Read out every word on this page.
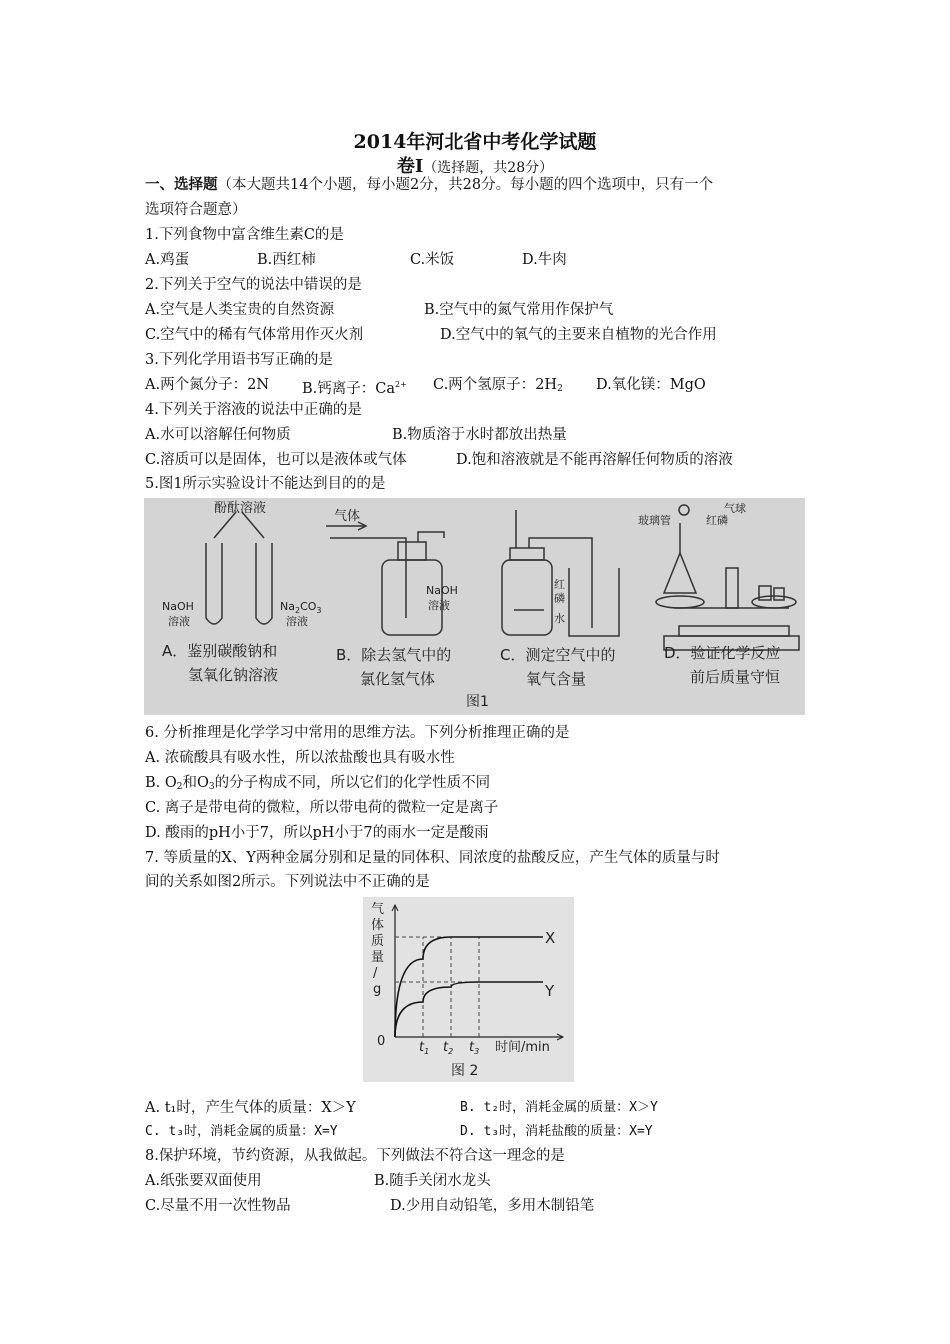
2014年河北省中考化学试题
卷Ⅰ（选择题，共28分）
一、选择题（本大题共14个小题，每小题2分，共28分。每小题的四个选项中，只有一个
选项符合题意）
1.下列食物中富含维生素C的是
A.鸡蛋	B.西红柿	C.米饭	D.牛肉
2.下列关于空气的说法中错误的是
A.空气是人类宝贵的自然资源	B.空气中的氮气常用作保护气
C.空气中的稀有气体常用作灭火剂	D.空气中的氧气的主要来自植物的光合作用
3.下列化学用语书写正确的是
A.两个氮分子：2N B.钙离子：$Ca^{2+}$ C.两个氢原子：$2H_2$ D.氧化镁：MgO
4.下列关于溶液的说法中正确的是
A.水可以溶解任何物质	B.物质溶于水时都放出热量
C.溶质可以是固体，也可以是液体或气体	D.饱和溶液就是不能再溶解任何物质的溶液
5.图1所示实验设计不能达到目的的是
酚酞溶液
NaOH
溶液
$Na_2CO_3$
溶液
A．鉴别碳酸钠和
氢氧化钠溶液
气体
NaOH
溶液
B．除去氢气中的
氯化氢气体
红
磷
水
C．测定空气中的
氧气含量
气球
玻璃管	红磷
D．验证化学反应
前后质量守恒
图1
6. 分析推理是化学学习中常用的思维方法。下列分析推理正确的是
A. 浓硫酸具有吸水性，所以浓盐酸也具有吸水性
B. $O_2$和$O_3$的分子构成不同，所以它们的化学性质不同
C. 离子是带电荷的微粒，所以带电荷的微粒一定是离子
D. 酸雨的pH小于7，所以pH小于7的雨水一定是酸雨
7. 等质量的X、Y两种金属分别和足量的同体积、同浓度的盐酸反应，产生气体的质量与时
间的关系如图2所示。下列说法中不正确的是
气
体
质
量
/
g
0	$t_1$ $t_2$ $t_3$ 时间/min
X
Y
图 2
A. t₁时，产生气体的质量：X＞Y	B. t₂时，消耗金属的质量：X＞Y
C. t₃时，消耗金属的质量：X=Y	D. t₃时，消耗盐酸的质量：X=Y
8.保护环境，节约资源，从我做起。下列做法不符合这一理念的是
A.纸张要双面使用	B.随手关闭水龙头
C.尽量不用一次性物品	D.少用自动铅笔，多用木制铅笔
